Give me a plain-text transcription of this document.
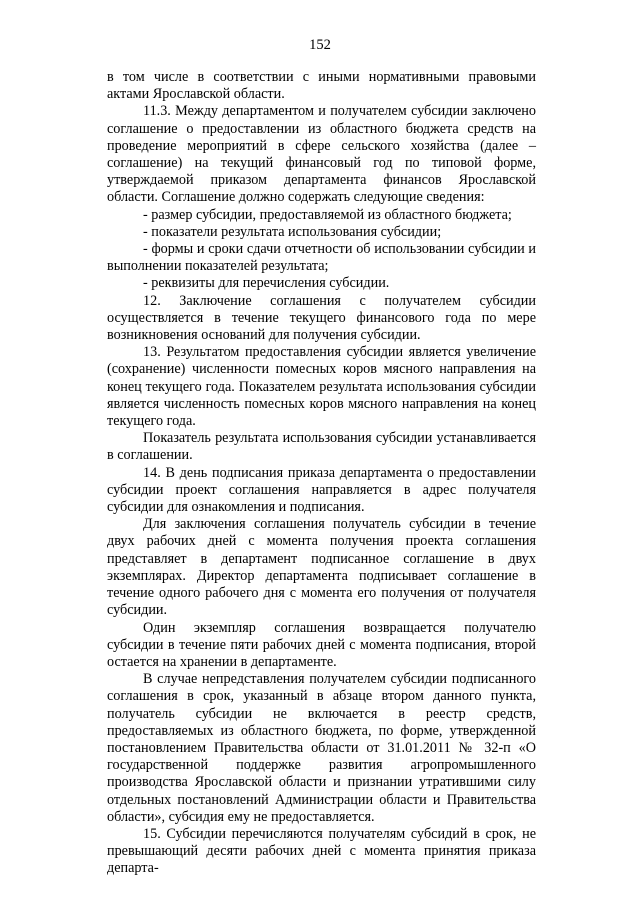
152

в том числе в соответствии с иными нормативными правовыми актами Ярославской области.

11.3. Между департаментом и получателем субсидии заключено соглашение о предоставлении из областного бюджета средств на проведение мероприятий в сфере сельского хозяйства (далее – соглашение) на текущий финансовый год по типовой форме, утверждаемой приказом департамента финансов Ярославской области. Соглашение должно содержать следующие сведения:

- размер субсидии, предоставляемой из областного бюджета;

- показатели результата использования субсидии;

- формы и сроки сдачи отчетности об использовании субсидии и выполнении показателей результата;

- реквизиты для перечисления субсидии.

12. Заключение соглашения с получателем субсидии осуществляется в течение текущего финансового года по мере возникновения оснований для получения субсидии.

13. Результатом предоставления субсидии является увеличение (сохранение) численности помесных коров мясного направления на конец текущего года. Показателем результата использования субсидии является численность помесных коров мясного направления на конец текущего года.

Показатель результата использования субсидии устанавливается в соглашении.

14. В день подписания приказа департамента о предоставлении субсидии проект соглашения направляется в адрес получателя субсидии для ознакомления и подписания.

Для заключения соглашения получатель субсидии в течение двух рабочих дней с момента получения проекта соглашения представляет в департамент подписанное соглашение в двух экземплярах. Директор департамента подписывает соглашение в течение одного рабочего дня с момента его получения от получателя субсидии.

Один экземпляр соглашения возвращается получателю субсидии в течение пяти рабочих дней с момента подписания, второй остается на хранении в департаменте.

В случае непредставления получателем субсидии подписанного соглашения в срок, указанный в абзаце втором данного пункта, получатель субсидии не включается в реестр средств, предоставляемых из областного бюджета, по форме, утвержденной постановлением Правительства области от 31.01.2011 № 32-п «О государственной поддержке развития агропромышленного производства Ярославской области и признании утратившими силу отдельных постановлений Администрации области и Правительства области», субсидия ему не предоставляется.

15. Субсидии перечисляются получателям субсидий в срок, не превышающий десяти рабочих дней с момента принятия приказа департа-
